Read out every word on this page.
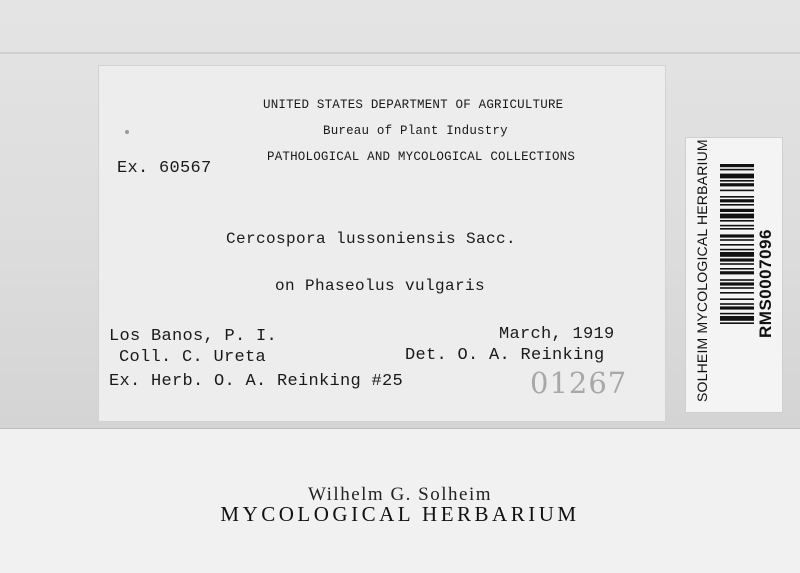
UNITED STATES DEPARTMENT OF AGRICULTURE
Bureau of Plant Industry
PATHOLOGICAL AND MYCOLOGICAL COLLECTIONS
Ex. 60567
Cercospora lussoniensis Sacc.
on Phaseolus vulgaris
Los Banos, P. I.	March, 1919
Coll. C. Ureta	Det. O. A. Reinking
Ex. Herb. O. A. Reinking #25	01267	SOLHEIM MYCOLOGICAL HERBARIUM	RMS0007096
Wilhelm G. Solheim
MYCOLOGICAL HERBARIUM
